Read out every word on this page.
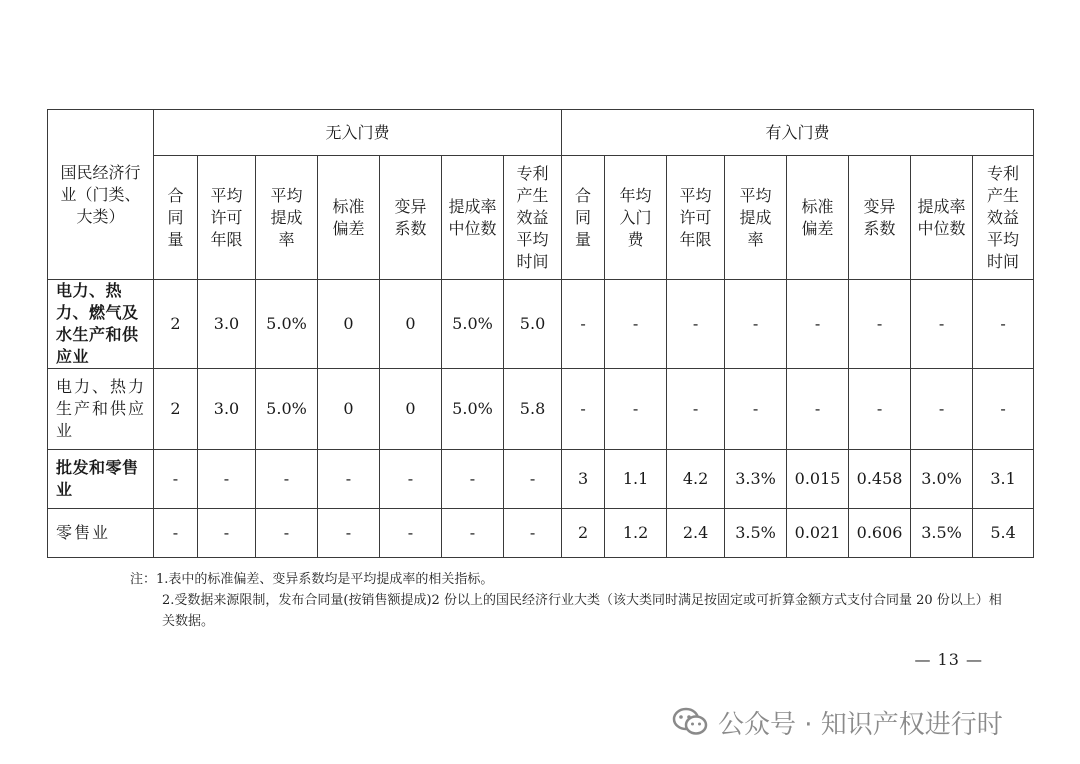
国民经济行业（门类、大类）	无入门费							有入门费							
	合同量	平均许可年限	平均提成率	标准偏差	变异系数	提成率中位数	专利产生效益平均时间	合同量	年均入门费	平均许可年限	平均提成率	标准偏差	变异系数	提成率中位数	专利产生效益平均时间
电力、热力、燃气及水生产和供应业	2	3.0	5.0%	0	0	5.0%	5.0	-	-	-	-	-	-	-	-
电力、热力生产和供应业	2	3.0	5.0%	0	0	5.0%	5.8	-	-	-	-	-	-	-	-
批发和零售业	-	-	-	-	-	-	-	3	1.1	4.2	3.3%	0.015	0.458	3.0%	3.1
零售业	-	-	-	-	-	-	-	2	1.2	2.4	3.5%	0.021	0.606	3.5%	5.4
注：1.表中的标准偏差、变异系数均是平均提成率的相关指标。
2.受数据来源限制，发布合同量(按销售额提成)2 份以上的国民经济行业大类（该大类同时满足按固定或可折算金额方式支付合同量 20 份以上）相关数据。
— 13 —
公众号 · 知识产权进行时
